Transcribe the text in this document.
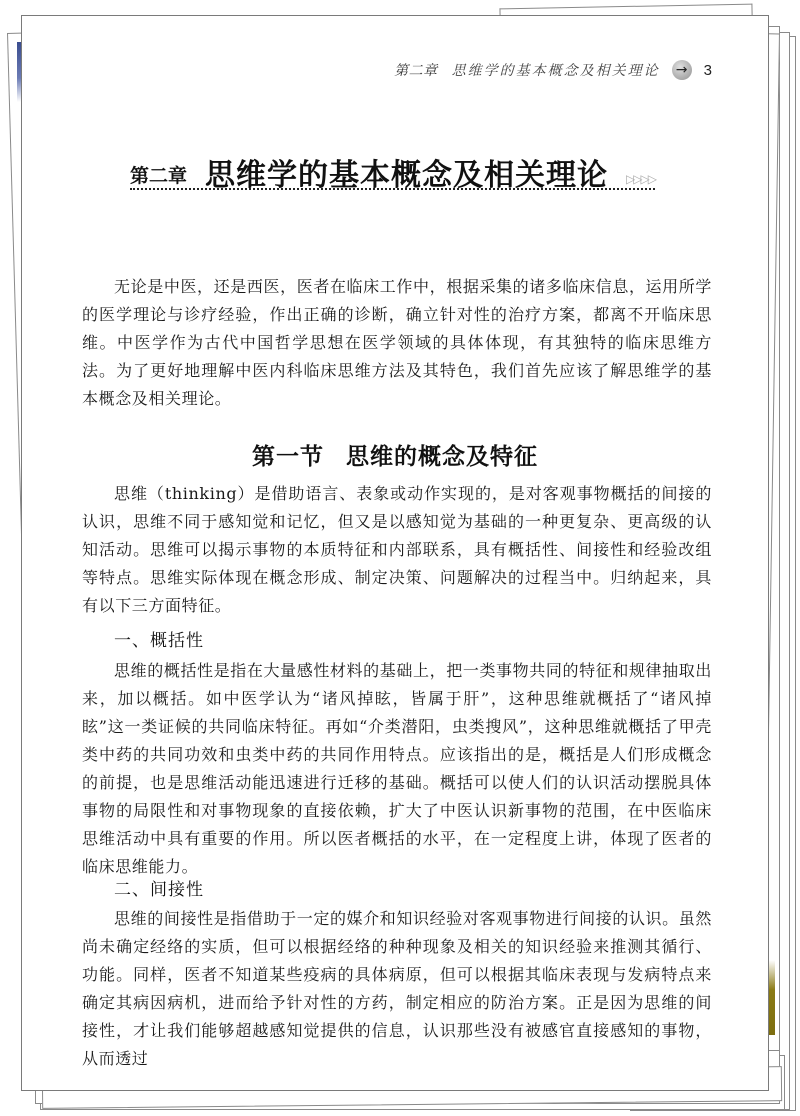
第二章 思维学的基本概念及相关理论 → 3
第二章 思维学的基本概念及相关理论 ▷▷▷▷

无论是中医，还是西医，医者在临床工作中，根据采集的诸多临床信息，运用所学的医学理论与诊疗经验，作出正确的诊断，确立针对性的治疗方案，都离不开临床思维。中医学作为古代中国哲学思想在医学领域的具体体现，有其独特的临床思维方法。为了更好地理解中医内科临床思维方法及其特色，我们首先应该了解思维学的基本概念及相关理论。

第一节 思维的概念及特征

思维（thinking）是借助语言、表象或动作实现的，是对客观事物概括的间接的认识，思维不同于感知觉和记忆，但又是以感知觉为基础的一种更复杂、更高级的认知活动。思维可以揭示事物的本质特征和内部联系，具有概括性、间接性和经验改组等特点。思维实际体现在概念形成、制定决策、问题解决的过程当中。归纳起来，具有以下三方面特征。

一、概括性

思维的概括性是指在大量感性材料的基础上，把一类事物共同的特征和规律抽取出来，加以概括。如中医学认为“诸风掉眩，皆属于肝”，这种思维就概括了“诸风掉眩”这一类证候的共同临床特征。再如“介类潜阳，虫类搜风”，这种思维就概括了甲壳类中药的共同功效和虫类中药的共同作用特点。应该指出的是，概括是人们形成概念的前提，也是思维活动能迅速进行迁移的基础。概括可以使人们的认识活动摆脱具体事物的局限性和对事物现象的直接依赖，扩大了中医认识新事物的范围，在中医临床思维活动中具有重要的作用。所以医者概括的水平，在一定程度上讲，体现了医者的临床思维能力。

二、间接性

思维的间接性是指借助于一定的媒介和知识经验对客观事物进行间接的认识。虽然尚未确定经络的实质，但可以根据经络的种种现象及相关的知识经验来推测其循行、功能。同样，医者不知道某些疫病的具体病原，但可以根据其临床表现与发病特点来确定其病因病机，进而给予针对性的方药，制定相应的防治方案。正是因为思维的间接性，才让我们能够超越感知觉提供的信息，认识那些没有被感官直接感知的事物，从而透过
